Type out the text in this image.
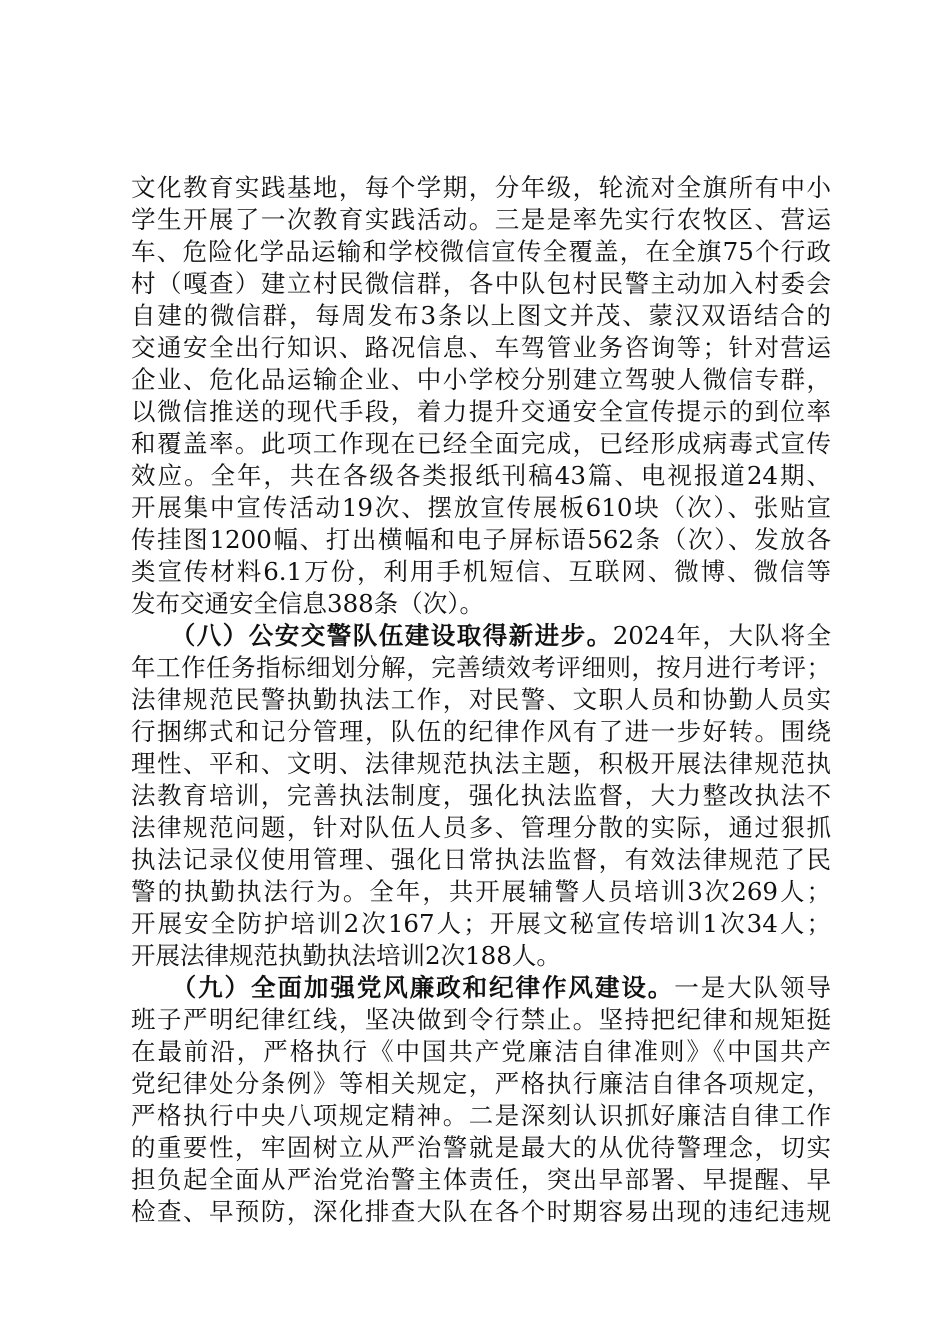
文化教育实践基地，每个学期，分年级，轮流对全旗所有中小
学生开展了一次教育实践活动。三是是率先实行农牧区、营运
车、危险化学品运输和学校微信宣传全覆盖，在全旗75个行政
村（嘎查）建立村民微信群，各中队包村民警主动加入村委会
自建的微信群，每周发布3条以上图文并茂、蒙汉双语结合的
交通安全出行知识、路况信息、车驾管业务咨询等；针对营运
企业、危化品运输企业、中小学校分别建立驾驶人微信专群，
以微信推送的现代手段，着力提升交通安全宣传提示的到位率
和覆盖率。此项工作现在已经全面完成，已经形成病毒式宣传
效应。全年，共在各级各类报纸刊稿43篇、电视报道24期、
开展集中宣传活动19次、摆放宣传展板610块（次）、张贴宣
传挂图1200幅、打出横幅和电子屏标语562条（次）、发放各
类宣传材料6.1万份，利用手机短信、互联网、微博、微信等
发布交通安全信息388条（次）。
　　（八）公安交警队伍建设取得新进步。2024年，大队将全
年工作任务指标细划分解，完善绩效考评细则，按月进行考评；
法律规范民警执勤执法工作，对民警、文职人员和协勤人员实
行捆绑式和记分管理，队伍的纪律作风有了进一步好转。围绕
理性、平和、文明、法律规范执法主题，积极开展法律规范执
法教育培训，完善执法制度，强化执法监督，大力整改执法不
法律规范问题，针对队伍人员多、管理分散的实际，通过狠抓
执法记录仪使用管理、强化日常执法监督，有效法律规范了民
警的执勤执法行为。全年，共开展辅警人员培训3次269人；
开展安全防护培训2次167人；开展文秘宣传培训1次34人；
开展法律规范执勤执法培训2次188人。
　　（九）全面加强党风廉政和纪律作风建设。一是大队领导
班子严明纪律红线，坚决做到令行禁止。坚持把纪律和规矩挺
在最前沿，严格执行《中国共产党廉洁自律准则》《中国共产
党纪律处分条例》等相关规定，严格执行廉洁自律各项规定，
严格执行中央八项规定精神。二是深刻认识抓好廉洁自律工作
的重要性，牢固树立从严治警就是最大的从优待警理念，切实
担负起全面从严治党治警主体责任，突出早部署、早提醒、早
检查、早预防，深化排查大队在各个时期容易出现的违纪违规
